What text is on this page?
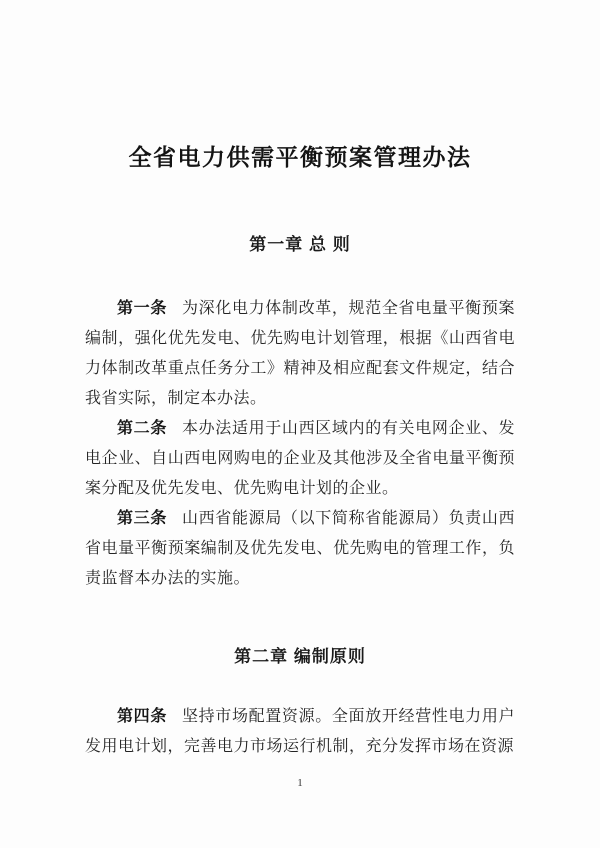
全省电力供需平衡预案管理办法
第一章 总 则

第一条 为深化电力体制改革，规范全省电量平衡预案编制，强化优先发电、优先购电计划管理，根据《山西省电力体制改革重点任务分工》精神及相应配套文件规定，结合我省实际，制定本办法。

第二条 本办法适用于山西区域内的有关电网企业、发电企业、自山西电网购电的企业及其他涉及全省电量平衡预案分配及优先发电、优先购电计划的企业。

第三条 山西省能源局（以下简称省能源局）负责山西省电量平衡预案编制及优先发电、优先购电的管理工作，负责监督本办法的实施。

第二章 编制原则

第四条 坚持市场配置资源。全面放开经营性电力用户发用电计划，完善电力市场运行机制，充分发挥市场在资源

1
